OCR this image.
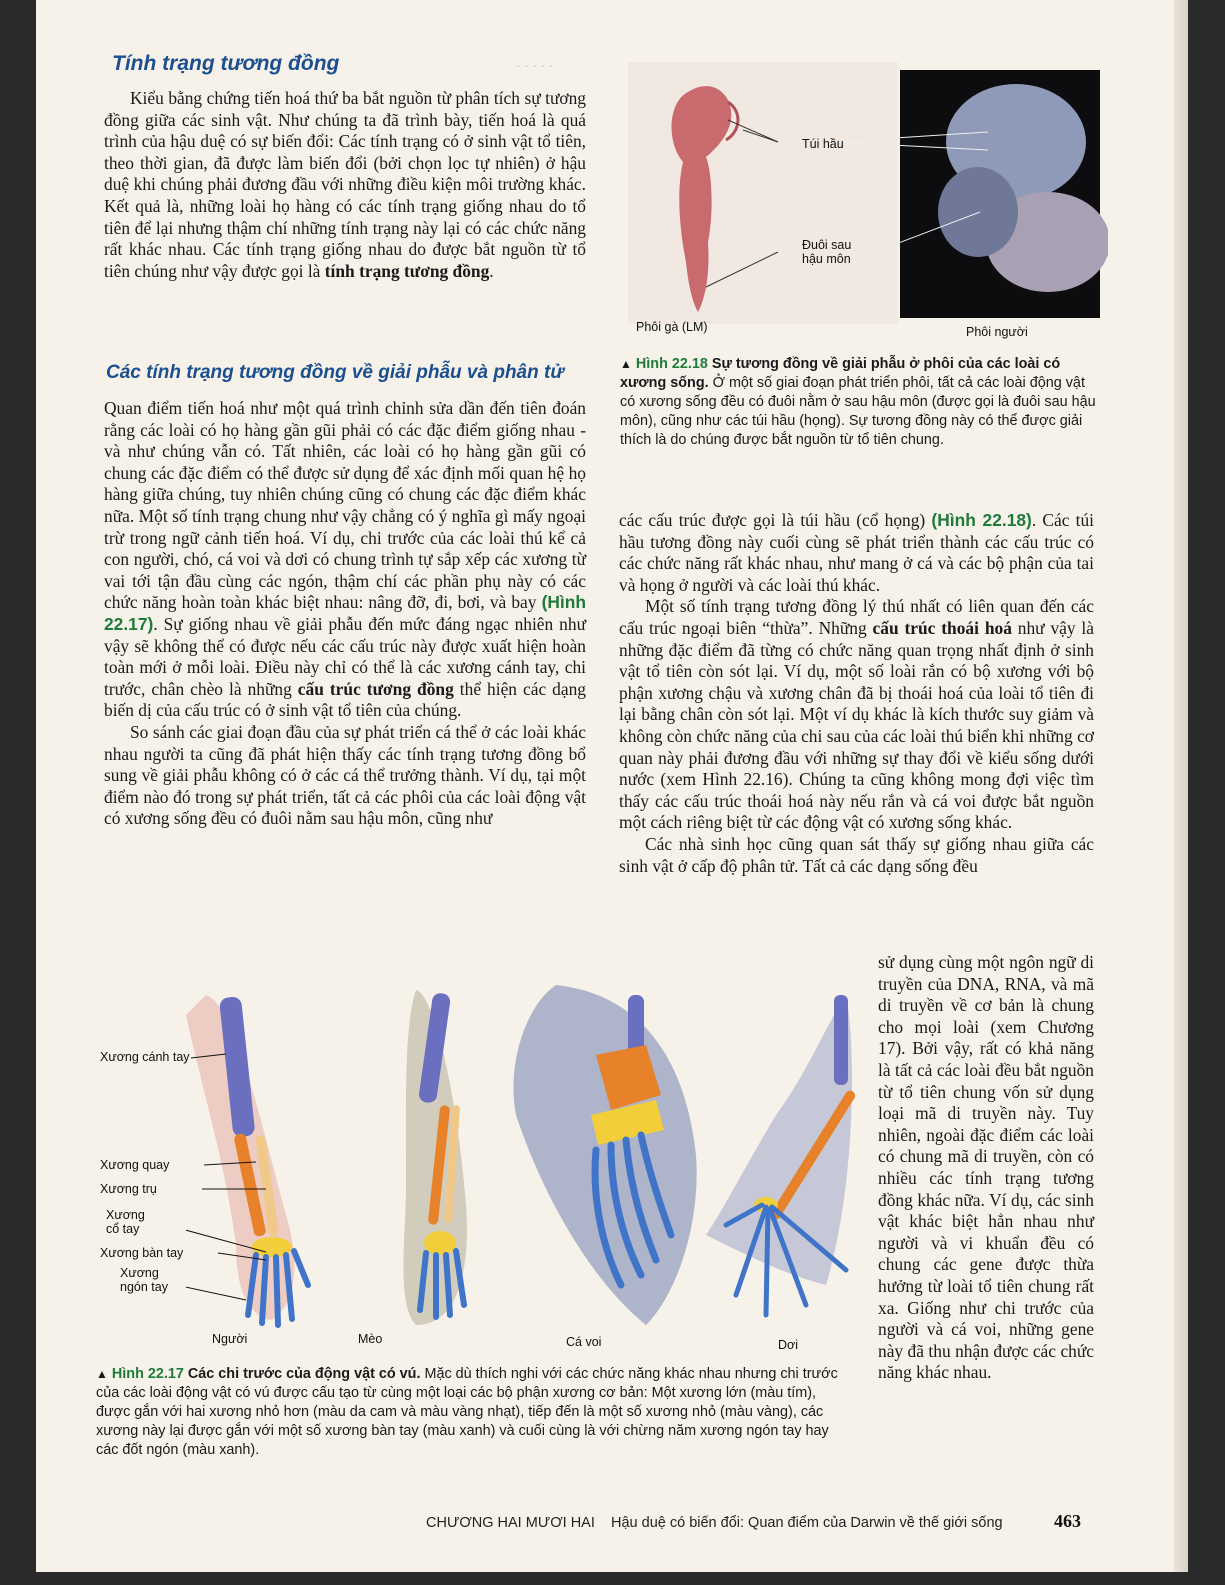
· · · · ·
Tính trạng tương đồng

Kiểu bằng chứng tiến hoá thứ ba bắt nguồn từ phân tích sự tương đồng giữa các sinh vật. Như chúng ta đã trình bày, tiến hoá là quá trình của hậu duệ có sự biến đổi: Các tính trạng có ở sinh vật tổ tiên, theo thời gian, đã được làm biến đổi (bởi chọn lọc tự nhiên) ở hậu duệ khi chúng phải đương đầu với những điều kiện môi trường khác. Kết quả là, những loài họ hàng có các tính trạng giống nhau do tổ tiên để lại nhưng thậm chí những tính trạng này lại có các chức năng rất khác nhau. Các tính trạng giống nhau do được bắt nguồn từ tổ tiên chúng như vậy được gọi là tính trạng tương đồng.

Các tính trạng tương đồng về giải phẫu và phân tử

Quan điểm tiến hoá như một quá trình chỉnh sửa dần đến tiên đoán rằng các loài có họ hàng gần gũi phải có các đặc điểm giống nhau - và như chúng vẫn có. Tất nhiên, các loài có họ hàng gần gũi có chung các đặc điểm có thể được sử dụng để xác định mối quan hệ họ hàng giữa chúng, tuy nhiên chúng cũng có chung các đặc điểm khác nữa. Một số tính trạng chung như vậy chẳng có ý nghĩa gì mấy ngoại trừ trong ngữ cảnh tiến hoá. Ví dụ, chi trước của các loài thú kể cả con người, chó, cá voi và dơi có chung trình tự sắp xếp các xương từ vai tới tận đầu cùng các ngón, thậm chí các phần phụ này có các chức năng hoàn toàn khác biệt nhau: nâng đỡ, đi, bơi, và bay (Hình 22.17). Sự giống nhau về giải phẫu đến mức đáng ngạc nhiên như vậy sẽ không thể có được nếu các cấu trúc này được xuất hiện hoàn toàn mới ở mỗi loài. Điều này chỉ có thể là các xương cánh tay, chi trước, chân chèo là những cấu trúc tương đồng thể hiện các dạng biến dị của cấu trúc có ở sinh vật tổ tiên của chúng.

So sánh các giai đoạn đầu của sự phát triển cá thể ở các loài khác nhau người ta cũng đã phát hiện thấy các tính trạng tương đồng bổ sung về giải phẫu không có ở các cá thể trưởng thành. Ví dụ, tại một điểm nào đó trong sự phát triển, tất cả các phôi của các loài động vật có xương sống đều có đuôi nằm sau hậu môn, cũng như

Túi hầu
Đuôi sau hậu môn
Phôi gà (LM)	Phôi người
▲ Hình 22.18 Sự tương đồng về giải phẫu ở phôi của các loài có xương sống. Ở một số giai đoạn phát triển phôi, tất cả các loài động vật có xương sống đều có đuôi nằm ở sau hậu môn (được gọi là đuôi sau hậu môn), cũng như các túi hầu (họng). Sự tương đồng này có thể được giải thích là do chúng được bắt nguồn từ tổ tiên chung.

các cấu trúc được gọi là túi hầu (cổ họng) (Hình 22.18). Các túi hầu tương đồng này cuối cùng sẽ phát triển thành các cấu trúc có các chức năng rất khác nhau, như mang ở cá và các bộ phận của tai và họng ở người và các loài thú khác.

Một số tính trạng tương đồng lý thú nhất có liên quan đến các cấu trúc ngoại biên “thừa”. Những cấu trúc thoái hoá như vậy là những đặc điểm đã từng có chức năng quan trọng nhất định ở sinh vật tổ tiên còn sót lại. Ví dụ, một số loài rắn có bộ xương với bộ phận xương chậu và xương chân đã bị thoái hoá của loài tổ tiên đi lại bằng chân còn sót lại. Một ví dụ khác là kích thước suy giảm và không còn chức năng của chi sau của các loài thú biển khi những cơ quan này phải đương đầu với những sự thay đổi về kiểu sống dưới nước (xem Hình 22.16). Chúng ta cũng không mong đợi việc tìm thấy các cấu trúc thoái hoá này nếu rắn và cá voi được bắt nguồn một cách riêng biệt từ các động vật có xương sống khác.

Các nhà sinh học cũng quan sát thấy sự giống nhau giữa các sinh vật ở cấp độ phân tử. Tất cả các dạng sống đều

sử dụng cùng một ngôn ngữ di truyền của DNA, RNA, và mã di truyền về cơ bản là chung cho mọi loài (xem Chương 17). Bởi vậy, rất có khả năng là tất cả các loài đều bắt nguồn từ tổ tiên chung vốn sử dụng loại mã di truyền này. Tuy nhiên, ngoài đặc điểm các loài có chung mã di truyền, còn có nhiều các tính trạng tương đồng khác nữa. Ví dụ, các sinh vật khác biệt hẳn nhau như người và vi khuẩn đều có chung các gene được thừa hưởng từ loài tổ tiên chung rất xa. Giống như chi trước của người và cá voi, những gene này đã thu nhận được các chức năng khác nhau.

Xương cánh tay
Xương quay
Xương trụ
Xương cổ tay
Xương bàn tay
Xương ngón tay
Người	Mèo	Cá voi	Dơi
▲ Hình 22.17 Các chi trước của động vật có vú. Mặc dù thích nghi với các chức năng khác nhau nhưng chi trước của các loài động vật có vú được cấu tạo từ cùng một loại các bộ phận xương cơ bản: Một xương lớn (màu tím), được gắn với hai xương nhỏ hơn (màu da cam và màu vàng nhạt), tiếp đến là một số xương nhỏ (màu vàng), các xương này lại được gắn với một số xương bàn tay (màu xanh) và cuối cùng là với chừng năm xương ngón tay hay các đốt ngón (màu xanh).
CHƯƠNG HAI MƯƠI HAI Hậu duệ có biến đổi: Quan điểm của Darwin về thế giới sống	463
